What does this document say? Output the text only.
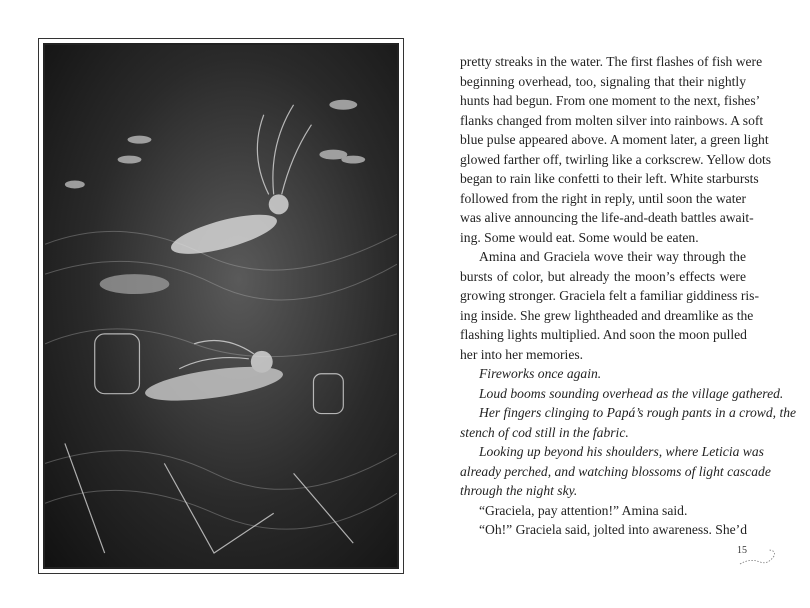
pretty streaks in the water. The first flashes of fish were
beginning overhead, too, signaling that their nightly
hunts had begun. From one moment to the next, fishes’
flanks changed from molten silver into rainbows. A soft
blue pulse appeared above. A moment later, a green light
glowed farther off, twirling like a corkscrew. Yellow dots
began to rain like confetti to their left. White starbursts
followed from the right in reply, until soon the water
was alive announcing the life-and-death battles await-
ing. Some would eat. Some would be eaten.
Amina and Graciela wove their way through the
bursts of color, but already the moon’s effects were
growing stronger. Graciela felt a familiar giddiness ris-
ing inside. She grew lightheaded and dreamlike as the
flashing lights multiplied. And soon the moon pulled
her into her memories.
Fireworks once again.
Loud booms sounding overhead as the village gathered.
Her fingers clinging to Papá’s rough pants in a crowd, the
stench of cod still in the fabric.
Looking up beyond his shoulders, where Leticia was
already perched, and watching blossoms of light cascade
through the night sky.
“Graciela, pay attention!” Amina said.
“Oh!” Graciela said, jolted into awareness. She’d
15
